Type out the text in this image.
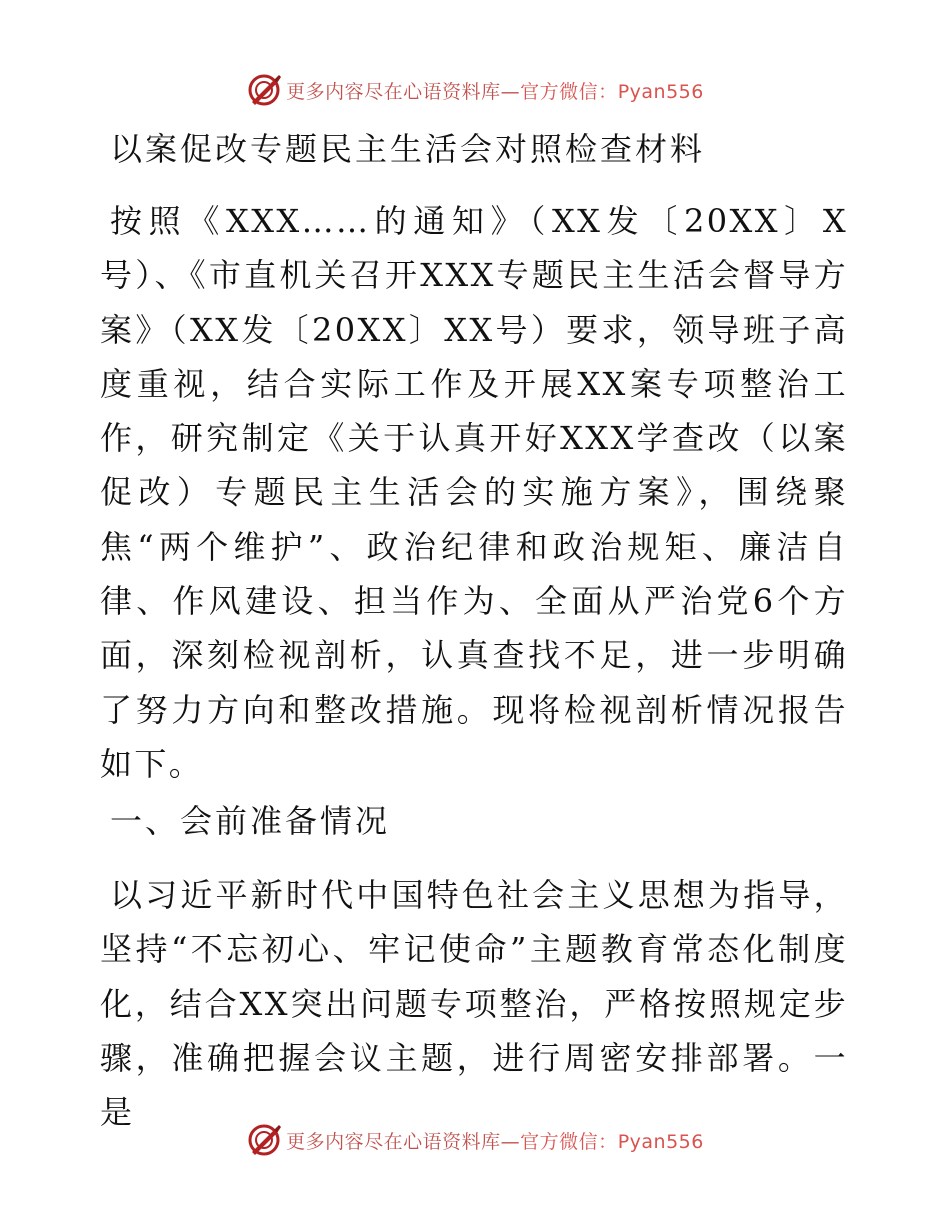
更多内容尽在心语资料库—官方微信：Pyan556
以案促改专题民主生活会对照检查材料

按照《XXX……的通知》（XX发〔20XX〕X号）、《市直机关召开XXX专题民主生活会督导方案》（XX发〔20XX〕XX号）要求，领导班子高度重视，结合实际工作及开展XX案专项整治工作，研究制定《关于认真开好XXX学查改（以案促改）专题民主生活会的实施方案》，围绕聚焦“两个维护”、政治纪律和政治规矩、廉洁自律、作风建设、担当作为、全面从严治党6个方面，深刻检视剖析，认真查找不足，进一步明确了努力方向和整改措施。现将检视剖析情况报告如下。

一、会前准备情况

以习近平新时代中国特色社会主义思想为指导，坚持“不忘初心、牢记使命”主题教育常态化制度化，结合XX突出问题专项整治，严格按照规定步骤，准确把握会议主题，进行周密安排部署。一是

更多内容尽在心语资料库—官方微信：Pyan556
